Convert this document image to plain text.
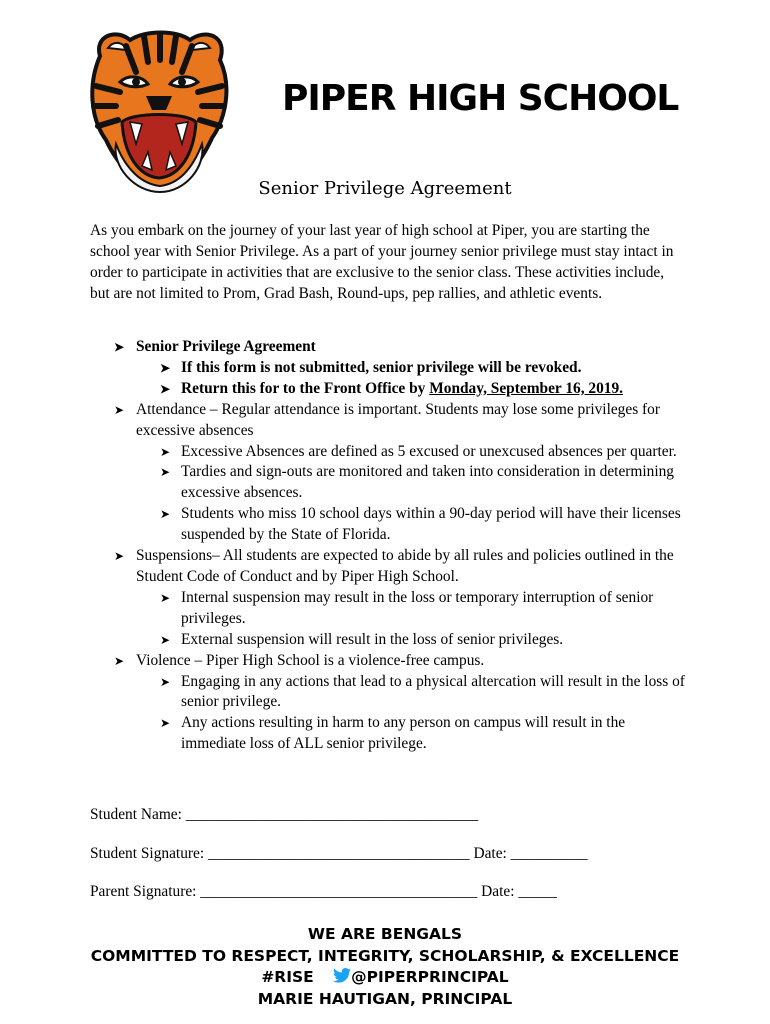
PIPER HIGH SCHOOL
Senior Privilege Agreement
As you embark on the journey of your last year of high school at Piper, you are starting the school year with Senior Privilege. As a part of your journey senior privilege must stay intact in order to participate in activities that are exclusive to the senior class. These activities include, but are not limited to Prom, Grad Bash, Round-ups, pep rallies, and athletic events.
➤ Senior Privilege Agreement
➤ If this form is not submitted, senior privilege will be revoked.
➤ Return this for to the Front Office by Monday, September 16, 2019.
➤ Attendance – Regular attendance is important. Students may lose some privileges for excessive absences
➤ Excessive Absences are defined as 5 excused or unexcused absences per quarter.
➤ Tardies and sign-outs are monitored and taken into consideration in determining excessive absences.
➤ Students who miss 10 school days within a 90-day period will have their licenses suspended by the State of Florida.
➤ Suspensions– All students are expected to abide by all rules and policies outlined in the Student Code of Conduct and by Piper High School.
➤ Internal suspension may result in the loss or temporary interruption of senior privileges.
➤ External suspension will result in the loss of senior privileges.
➤ Violence – Piper High School is a violence-free campus.
➤ Engaging in any actions that lead to a physical altercation will result in the loss of senior privilege.
➤ Any actions resulting in harm to any person on campus will result in the immediate loss of ALL senior privilege.
Student Name: ______________________________________
Student Signature: __________________________________ Date: __________
Parent Signature: ____________________________________ Date: _____
WE ARE BENGALS
COMMITTED TO RESPECT, INTEGRITY, SCHOLARSHIP, & EXCELLENCE
#RISE @PIPERPRINCIPAL
MARIE HAUTIGAN, PRINCIPAL
